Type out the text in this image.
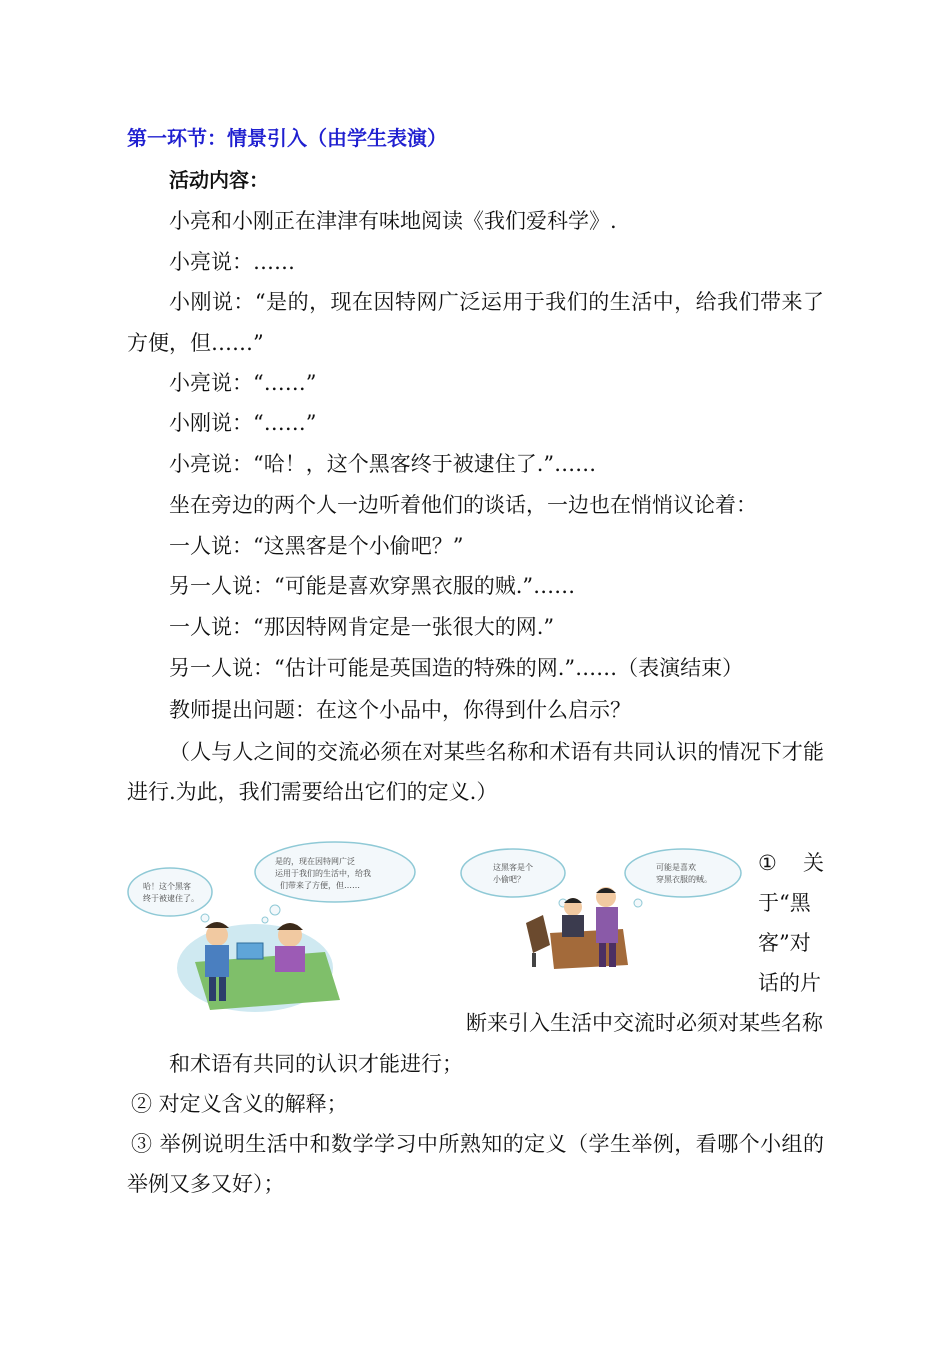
第一环节：情景引入（由学生表演）
活动内容：
小亮和小刚正在津津有味地阅读《我们爱科学》.
小亮说：……
小刚说：“是的，现在因特网广泛运用于我们的生活中，给我们带来了
方便，但……”
小亮说：“……”
小刚说：“……”
小亮说：“哈！，这个黑客终于被逮住了.”……
坐在旁边的两个人一边听着他们的谈话，一边也在悄悄议论着：
一人说：“这黑客是个小偷吧？”
另一人说：“可能是喜欢穿黑衣服的贼.”……
一人说：“那因特网肯定是一张很大的网.”
另一人说：“估计可能是英国造的特殊的网.”……（表演结束）
教师提出问题：在这个小品中，你得到什么启示？
（人与人之间的交流必须在对某些名称和术语有共同认识的情况下才能
进行.为此，我们需要给出它们的定义.）
哈！这个黑客 终于被逮住了。 是的，现在因特网广泛 运用于我们的生活中，给我 们带来了方便，但……
这黑客是个 小偷吧？ 可能是喜欢 穿黑衣服的贼。
① 关
于“黑
客”对
话的片
断来引入生活中交流时必须对某些名称
和术语有共同的认识才能进行；
② 对定义含义的解释；
③ 举例说明生活中和数学学习中所熟知的定义（学生举例，看哪个小组的
举例又多又好）；
